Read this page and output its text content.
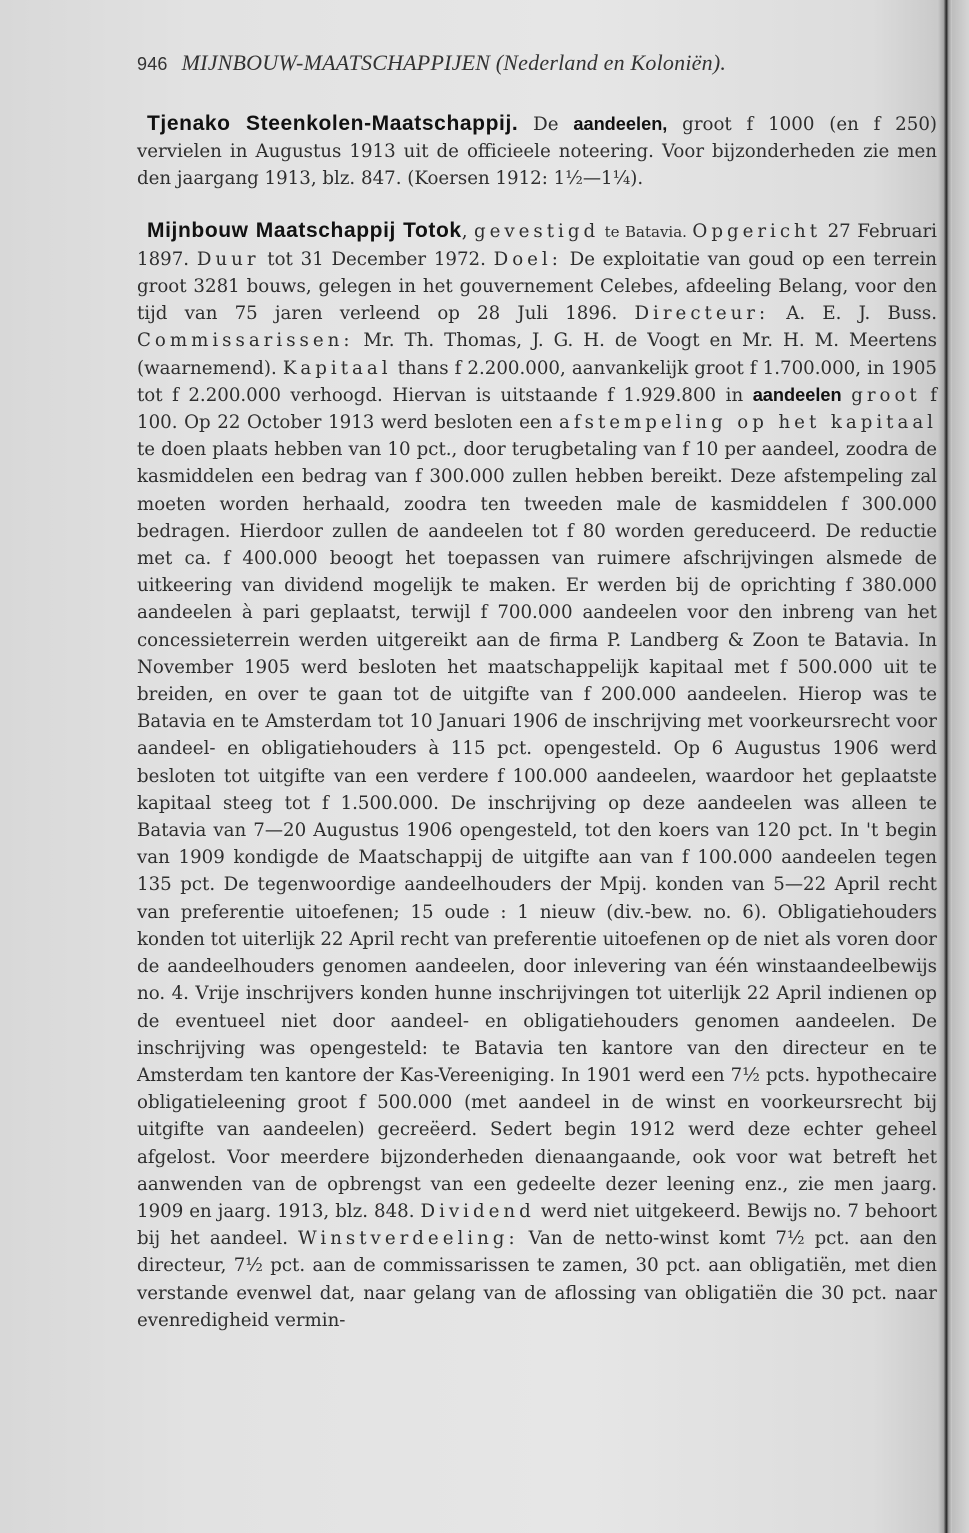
946 MIJNBOUW-MAATSCHAPPIJEN (Nederland en Koloniën).

Tjenako Steenkolen-Maatschappij. De aandeelen, groot f 1000 (en f 250) vervielen in Augustus 1913 uit de officieele noteering. Voor bijzonderheden zie men den jaargang 1913, blz. 847. (Koersen 1912: 1½—1¼).

Mijnbouw Maatschappij Totok, gevestigd te Batavia. Opgericht 27 Februari 1897. Duur tot 31 December 1972. Doel: De exploitatie van goud op een terrein groot 3281 bouws, gelegen in het gouvernement Celebes, afdeeling Belang, voor den tijd van 75 jaren verleend op 28 Juli 1896. Directeur: A. E. J. Buss. Commissarissen: Mr. Th. Thomas, J. G. H. de Voogt en Mr. H. M. Meertens (waarnemend). Kapitaal thans f 2.200.000, aanvankelijk groot f 1.700.000, in 1905 tot f 2.200.000 verhoogd. Hiervan is uitstaande f 1.929.800 in aandeelen groot f 100. Op 22 October 1913 werd besloten een afstempeling op het kapitaal te doen plaats hebben van 10 pct., door terugbetaling van f 10 per aandeel, zoodra de kasmiddelen een bedrag van f 300.000 zullen hebben bereikt. Deze afstempeling zal moeten worden herhaald, zoodra ten tweeden male de kasmiddelen f 300.000 bedragen. Hierdoor zullen de aandeelen tot f 80 worden gereduceerd. De reductie met ca. f 400.000 beoogt het toepassen van ruimere afschrijvingen alsmede de uitkeering van dividend mogelijk te maken. Er werden bij de oprichting f 380.000 aandeelen à pari geplaatst, terwijl f 700.000 aandeelen voor den inbreng van het concessieterrein werden uitgereikt aan de firma P. Landberg & Zoon te Batavia. In November 1905 werd besloten het maatschappelijk kapitaal met f 500.000 uit te breiden, en over te gaan tot de uitgifte van f 200.000 aandeelen. Hierop was te Batavia en te Amsterdam tot 10 Januari 1906 de inschrijving met voorkeursrecht voor aandeel- en obligatiehouders à 115 pct. opengesteld. Op 6 Augustus 1906 werd besloten tot uitgifte van een verdere f 100.000 aandeelen, waardoor het geplaatste kapitaal steeg tot f 1.500.000. De inschrijving op deze aandeelen was alleen te Batavia van 7—20 Augustus 1906 opengesteld, tot den koers van 120 pct. In 't begin van 1909 kondigde de Maatschappij de uitgifte aan van f 100.000 aandeelen tegen 135 pct. De tegenwoordige aandeelhouders der Mpij. konden van 5—22 April recht van preferentie uitoefenen; 15 oude : 1 nieuw (div.-bew. no. 6). Obligatiehouders konden tot uiterlijk 22 April recht van preferentie uitoefenen op de niet als voren door de aandeelhouders genomen aandeelen, door inlevering van één winstaandeelbewijs no. 4. Vrije inschrijvers konden hunne inschrijvingen tot uiterlijk 22 April indienen op de eventueel niet door aandeel- en obligatiehouders genomen aandeelen. De inschrijving was opengesteld: te Batavia ten kantore van den directeur en te Amsterdam ten kantore der Kas-Vereeniging. In 1901 werd een 7½ pcts. hypothecaire obligatieleening groot f 500.000 (met aandeel in de winst en voorkeursrecht bij uitgifte van aandeelen) gecreëerd. Sedert begin 1912 werd deze echter geheel afgelost. Voor meerdere bijzonderheden dienaangaande, ook voor wat betreft het aanwenden van de opbrengst van een gedeelte dezer leening enz., zie men jaarg. 1909 en jaarg. 1913, blz. 848. Dividend werd niet uitgekeerd. Bewijs no. 7 behoort bij het aandeel. Winstverdeeling: Van de netto-winst komt 7½ pct. aan den directeur, 7½ pct. aan de commissarissen te zamen, 30 pct. aan obligatiën, met dien verstande evenwel dat, naar gelang van de aflossing van obligatiën die 30 pct. naar evenredigheid vermin-
